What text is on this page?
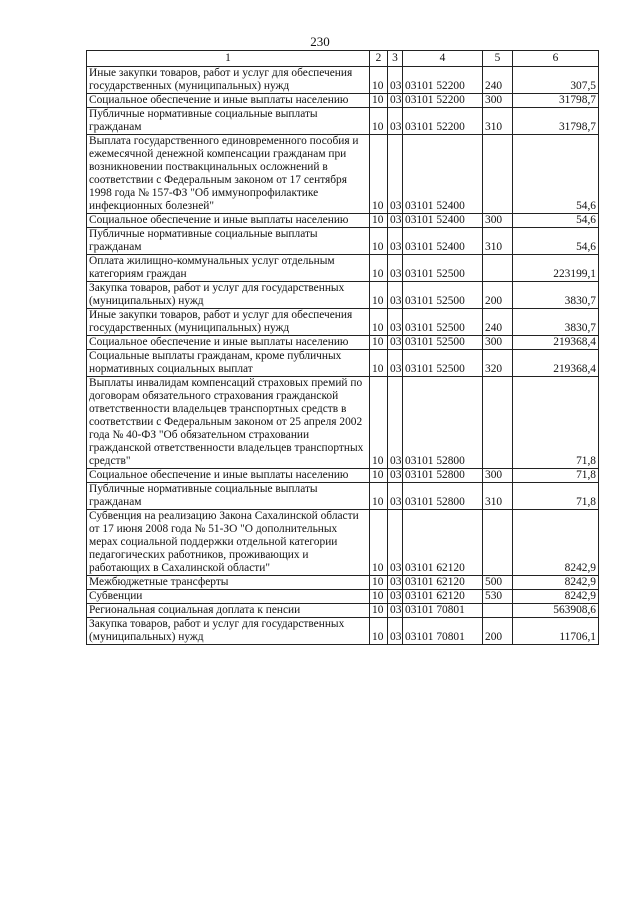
230
1	2	3	4	5	6
Иные закупки товаров, работ и услуг для обеспечения государственных (муниципальных) нужд	10	03	03101 52200	240	307,5
Социальное обеспечение и иные выплаты населению	10	03	03101 52200	300	31798,7
Публичные нормативные социальные выплаты гражданам	10	03	03101 52200	310	31798,7
Выплата государственного единовременного пособия и ежемесячной денежной компенсации гражданам при возникновении поствакцинальных осложнений в соответствии с Федеральным законом от 17 сентября 1998 года № 157-ФЗ "Об иммунопрофилактике инфекционных болезней"	10	03	03101 52400		54,6
Социальное обеспечение и иные выплаты населению	10	03	03101 52400	300	54,6
Публичные нормативные социальные выплаты гражданам	10	03	03101 52400	310	54,6
Оплата жилищно-коммунальных услуг отдельным категориям граждан	10	03	03101 52500		223199,1
Закупка товаров, работ и услуг для государственных (муниципальных) нужд	10	03	03101 52500	200	3830,7
Иные закупки товаров, работ и услуг для обеспечения государственных (муниципальных) нужд	10	03	03101 52500	240	3830,7
Социальное обеспечение и иные выплаты населению	10	03	03101 52500	300	219368,4
Социальные выплаты гражданам, кроме публичных нормативных социальных выплат	10	03	03101 52500	320	219368,4
Выплаты инвалидам компенсаций страховых премий по договорам обязательного страхования гражданской ответственности владельцев транспортных средств в соответствии с Федеральным законом от 25 апреля 2002 года № 40-ФЗ "Об обязательном страховании гражданской ответственности владельцев транспортных средств"	10	03	03101 52800		71,8
Социальное обеспечение и иные выплаты населению	10	03	03101 52800	300	71,8
Публичные нормативные социальные выплаты гражданам	10	03	03101 52800	310	71,8
Субвенция на реализацию Закона Сахалинской области от 17 июня 2008 года № 51-ЗО "О дополнительных мерах социальной поддержки отдельной категории педагогических работников, проживающих и работающих в Сахалинской области"	10	03	03101 62120		8242,9
Межбюджетные трансферты	10	03	03101 62120	500	8242,9
Субвенции	10	03	03101 62120	530	8242,9
Региональная социальная доплата к пенсии	10	03	03101 70801		563908,6
Закупка товаров, работ и услуг для государственных (муниципальных) нужд	10	03	03101 70801	200	11706,1
